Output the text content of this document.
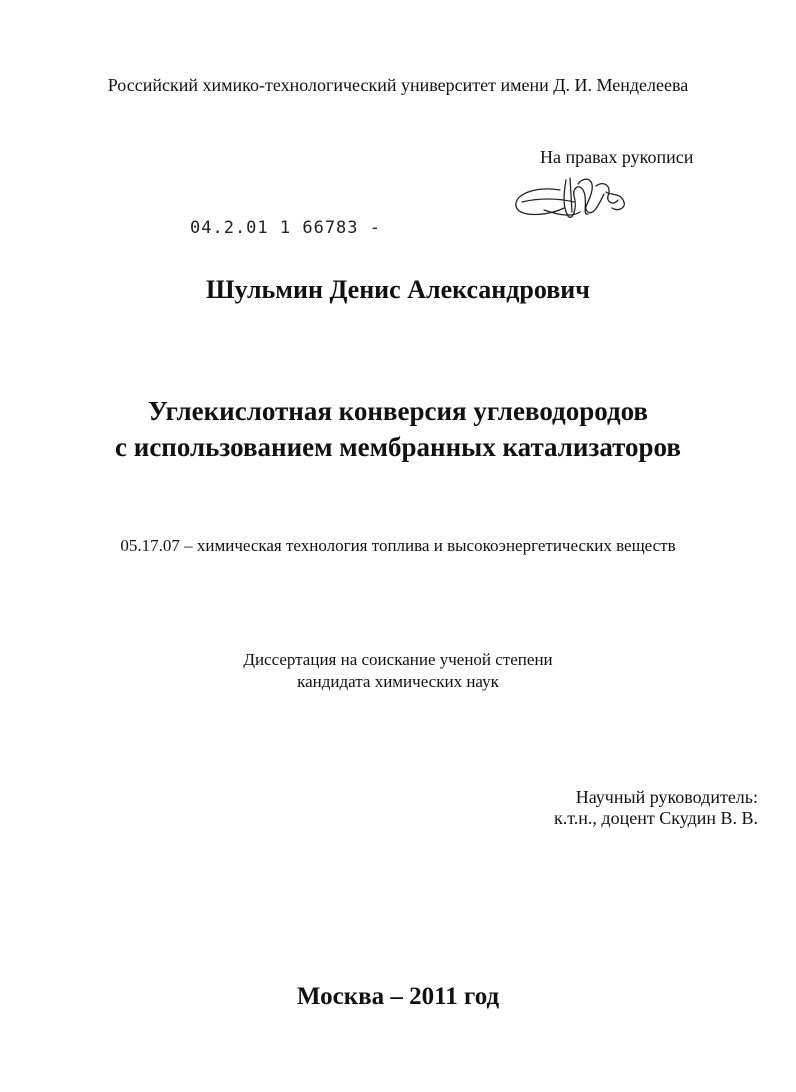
Российский химико-технологический университет имени Д. И. Менделеева
На правах рукописи
04.2.01 1 66783 -
Шульмин Денис Александрович
Углекислотная конверсия углеводородов
с использованием мембранных катализаторов
05.17.07 – химическая технология топлива и высокоэнергетических веществ
Диссертация на соискание ученой степени
кандидата химических наук
Научный руководитель:
к.т.н., доцент Скудин В. В.
Москва – 2011 год
